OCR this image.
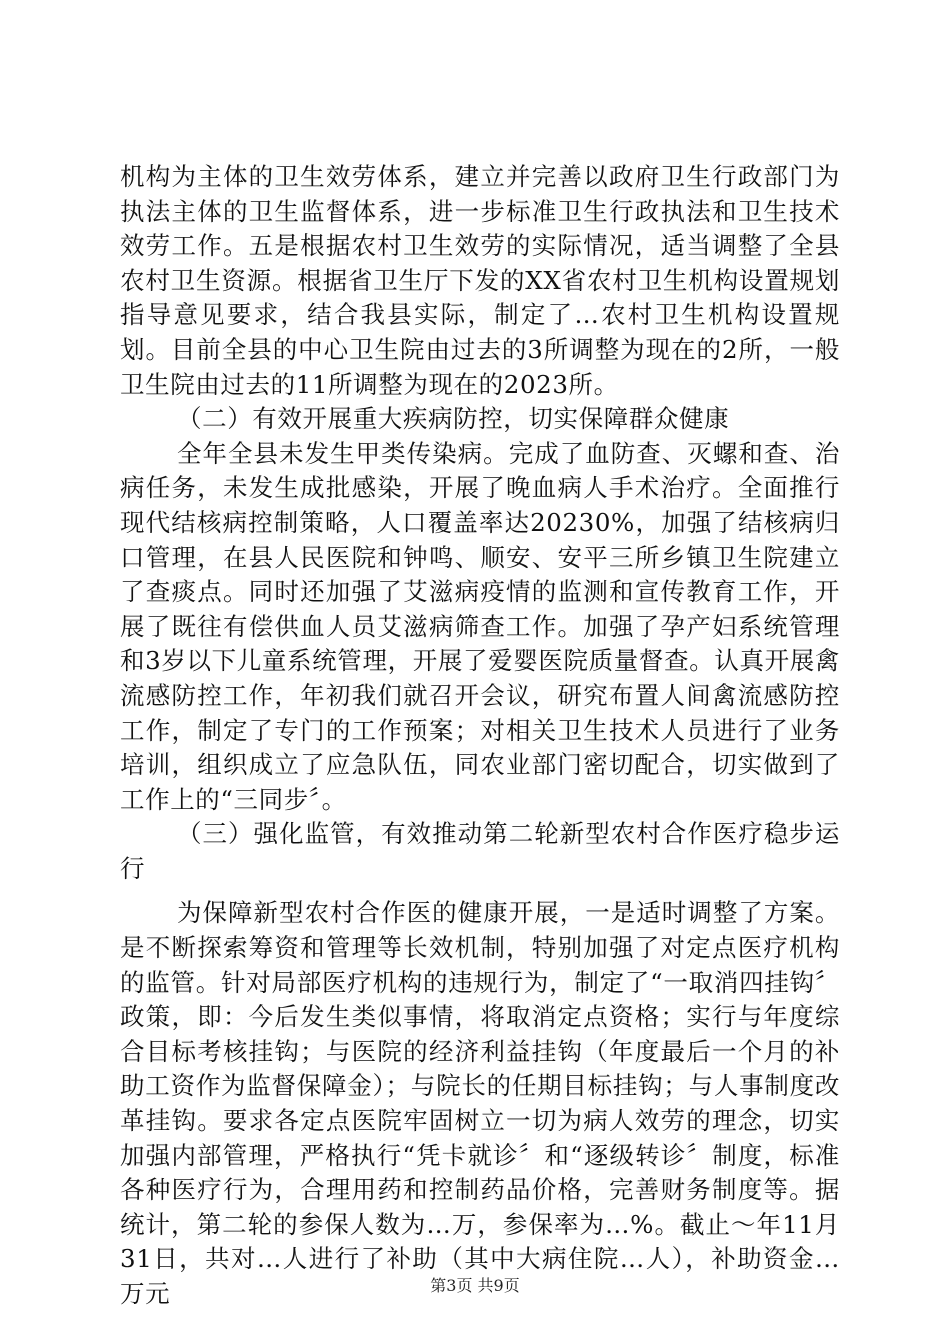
机构为主体的卫生效劳体系，建立并完善以政府卫生行政部门为执法主体的卫生监督体系，进一步标准卫生行政执法和卫生技术效劳工作。五是根据农村卫生效劳的实际情况，适当调整了全县农村卫生资源。根据省卫生厅下发的XX省农村卫生机构设置规划指导意见要求，结合我县实际，制定了…农村卫生机构设置规划。目前全县的中心卫生院由过去的3所调整为现在的2所，一般卫生院由过去的11所调整为现在的2023所。

（二）有效开展重大疾病防控，切实保障群众健康

全年全县未发生甲类传染病。完成了血防查、灭螺和查、治病任务，未发生成批感染，开展了晚血病人手术治疗。全面推行现代结核病控制策略，人口覆盖率达20230%，加强了结核病归口管理，在县人民医院和钟鸣、顺安、安平三所乡镇卫生院建立了查痰点。同时还加强了艾滋病疫情的监测和宣传教育工作，开展了既往有偿供血人员艾滋病筛查工作。加强了孕产妇系统管理和3岁以下儿童系统管理，开展了爱婴医院质量督查。认真开展禽流感防控工作，年初我们就召开会议，研究布置人间禽流感防控工作，制定了专门的工作预案；对相关卫生技术人员进行了业务培训，组织成立了应急队伍，同农业部门密切配合，切实做到了工作上的“三同步〞。

（三）强化监管，有效推动第二轮新型农村合作医疗稳步运行

为保障新型农村合作医的健康开展，一是适时调整了方案。是不断探索筹资和管理等长效机制，特别加强了对定点医疗机构的监管。针对局部医疗机构的违规行为，制定了“一取消四挂钩〞政策，即：今后发生类似事情，将取消定点资格；实行与年度综合目标考核挂钩；与医院的经济利益挂钩（年度最后一个月的补助工资作为监督保障金）；与院长的任期目标挂钩；与人事制度改革挂钩。要求各定点医院牢固树立一切为病人效劳的理念，切实加强内部管理，严格执行“凭卡就诊〞和“逐级转诊〞制度，标准各种医疗行为，合理用药和控制药品价格，完善财务制度等。据统计，第二轮的参保人数为…万，参保率为…%。截止～年11月31日，共对…人进行了补助（其中大病住院…人），补助资金…万元	第3页 共9页
